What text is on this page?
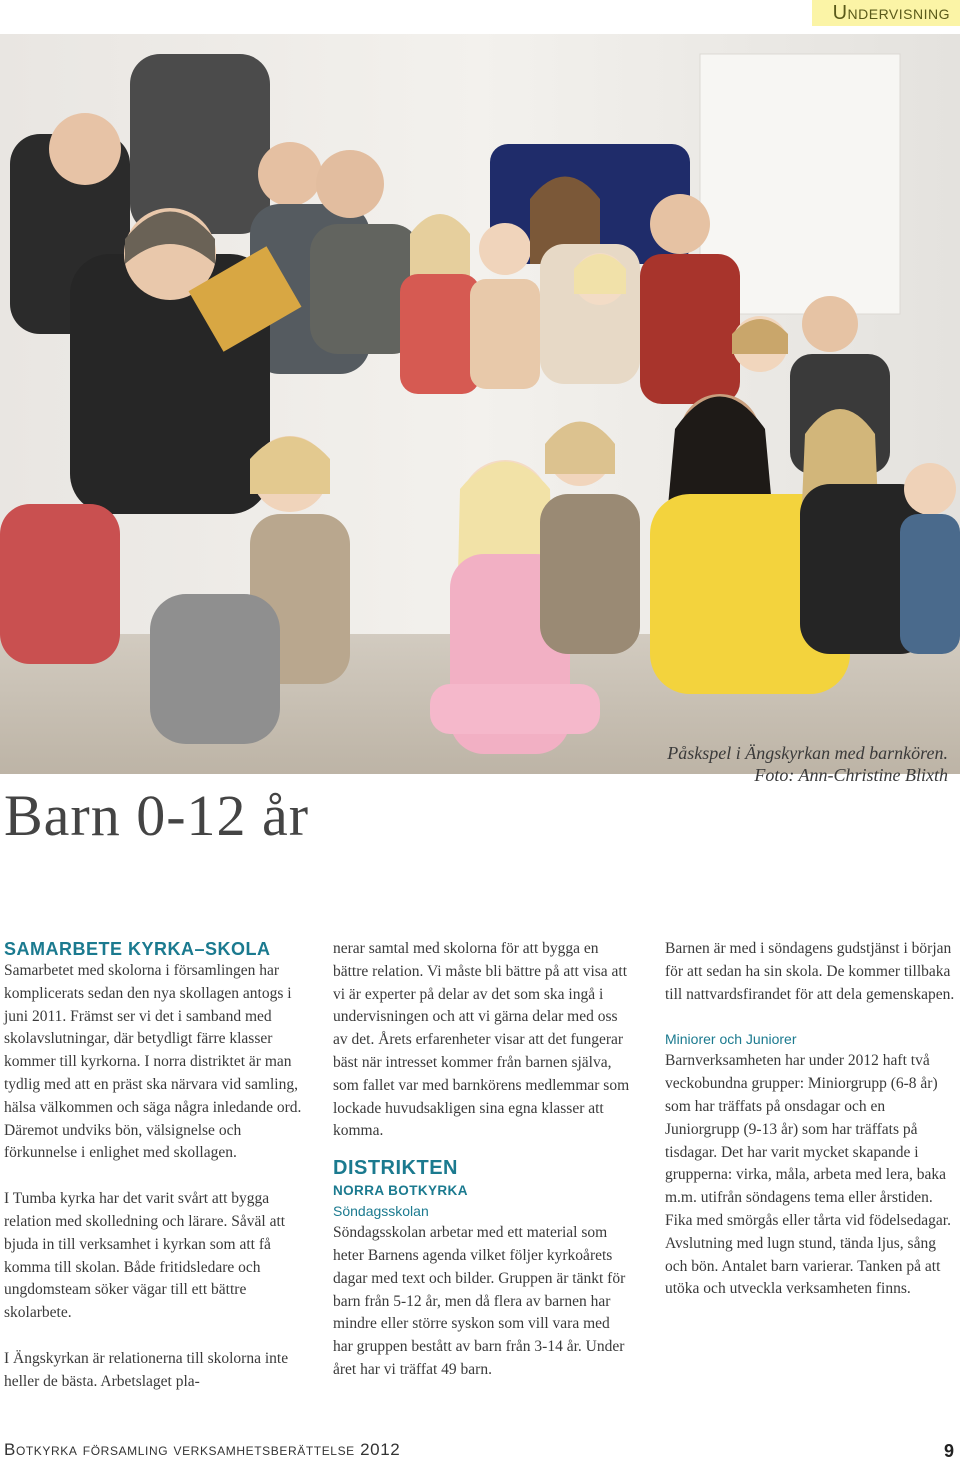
Undervisning
Påskspel i Ängskyrkan med barnkören.
Foto: Ann-Christine Blixth
Barn 0-12 år
SAMARBETE KYRKA–SKOLA

Samarbetet med skolorna i församlingen har komplicerats sedan den nya skollagen antogs i juni 2011. Främst ser vi det i samband med skolavslutningar, där betydligt färre klasser kommer till kyrkorna. I norra distriktet är man tydlig med att en präst ska närvara vid samling, hälsa välkommen och säga några inledande ord. Däremot undviks bön, välsignelse och förkunnelse i enlighet med skollagen.

I Tumba kyrka har det varit svårt att bygga relation med skolledning och lärare. Såväl att bjuda in till verksamhet i kyrkan som att få komma till skolan. Både fritidsledare och ungdomsteam söker vägar till ett bättre skolarbete.

I Ängskyrkan är relationerna till skolorna inte heller de bästa. Arbetslaget pla-

nerar samtal med skolorna för att bygga en bättre relation. Vi måste bli bättre på att visa att vi är experter på delar av det som ska ingå i undervisningen och att vi gärna delar med oss av det. Årets erfarenheter visar att det fungerar bäst när intresset kommer från barnen själva, som fallet var med barnkörens medlemmar som lockade huvudsakligen sina egna klasser att komma.

DISTRIKTEN
NORRA BOTKYRKA
Söndagsskolan

Söndagsskolan arbetar med ett material som heter Barnens agenda vilket följer kyrkoårets dagar med text och bilder. Gruppen är tänkt för barn från 5-12 år, men då flera av barnen har mindre eller större syskon som vill vara med har gruppen bestått av barn från 3-14 år. Under året har vi träffat 49 barn.

Barnen är med i söndagens gudstjänst i början för att sedan ha sin skola. De kommer tillbaka till nattvardsfirandet för att dela gemenskapen.

Miniorer och Juniorer

Barnverksamheten har under 2012 haft två veckobundna grupper: Miniorgrupp (6-8 år) som har träffats på onsdagar och en Juniorgrupp (9-13 år) som har träffats på tisdagar. Det har varit mycket skapande i grupperna: virka, måla, arbeta med lera, baka m.m. utifrån söndagens tema eller årstiden. Fika med smörgås eller tårta vid födelsedagar. Avslutning med lugn stund, tända ljus, sång och bön. Antalet barn varierar. Tanken på att utöka och utveckla verksamheten finns.

Botkyrka församling verksamhetsberättelse 2012	9
